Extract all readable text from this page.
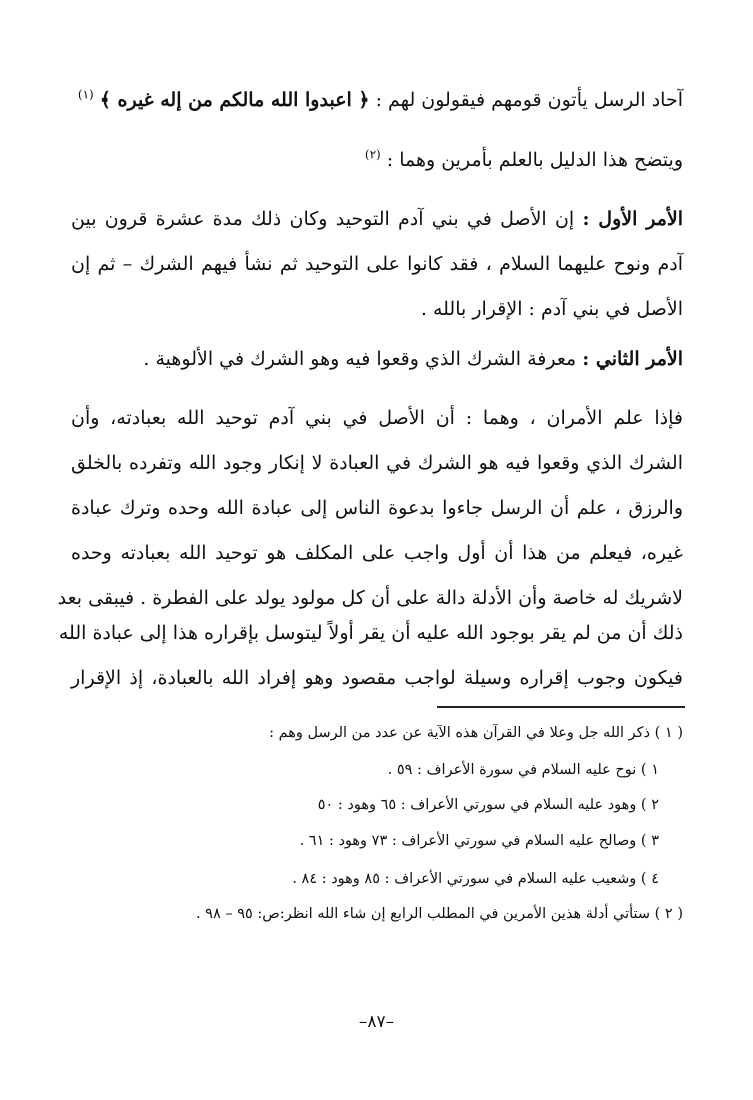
آحاد الرسل يأتون قومهم فيقولون لهم : ﴿ اعبدوا الله مالكم من إله غيره ﴾ $^{(١)}$
ويتضح هذا الدليل بالعلم بأمرين وهما : $^{(٢)}$
الأمر الأول : إن الأصل في بني آدم التوحيد وكان ذلك مدة عشرة قرون بين
آدم ونوح عليهما السلام ، فقد كانوا على التوحيد ثم نشأ فيهم الشرك – ثم إن
الأصل في بني آدم : الإقرار بالله .
الأمر الثاني : معرفة الشرك الذي وقعوا فيه وهو الشرك في الألوهية .
فإذا علم الأمران ، وهما : أن الأصل في بني آدم توحيد الله بعبادته، وأن
الشرك الذي وقعوا فيه هو الشرك في العبادة لا إنكار وجود الله وتفرده بالخلق
والرزق ، علم أن الرسل جاءوا بدعوة الناس إلى عبادة الله وحده وترك عبادة
غيره، فيعلم من هذا أن أول واجب على المكلف هو توحيد الله بعبادته وحده
لاشريك له خاصة وأن الأدلة دالة على أن كل مولود يولد على الفطرة . فيبقى بعد
ذلك أن من لم يقر بوجود الله عليه أن يقر أولاً ليتوسل بإقراره هذا إلى عبادة الله
فيكون وجوب إقراره وسيلة لواجب مقصود وهو إفراد الله بالعبادة، إذ الإقرار
( ١ ) ذكر الله جل وعلا في القرآن هذه الآية عن عدد من الرسل وهم :
١ ) نوح عليه السلام في سورة الأعراف : ٥٩ .
٢ ) وهود عليه السلام في سورتي الأعراف : ٦٥ وهود : ٥٠
٣ ) وصالح عليه السلام في سورتي الأعراف : ٧٣ وهود : ٦١ .
٤ ) وشعيب عليه السلام في سورتي الأعراف : ٨٥ وهود : ٨٤ .
( ٢ ) ستأتي أدلة هذين الأمرين في المطلب الرابع إن شاء الله انظر:ص: ٩٥ – ٩٨ .
–٨٧–
